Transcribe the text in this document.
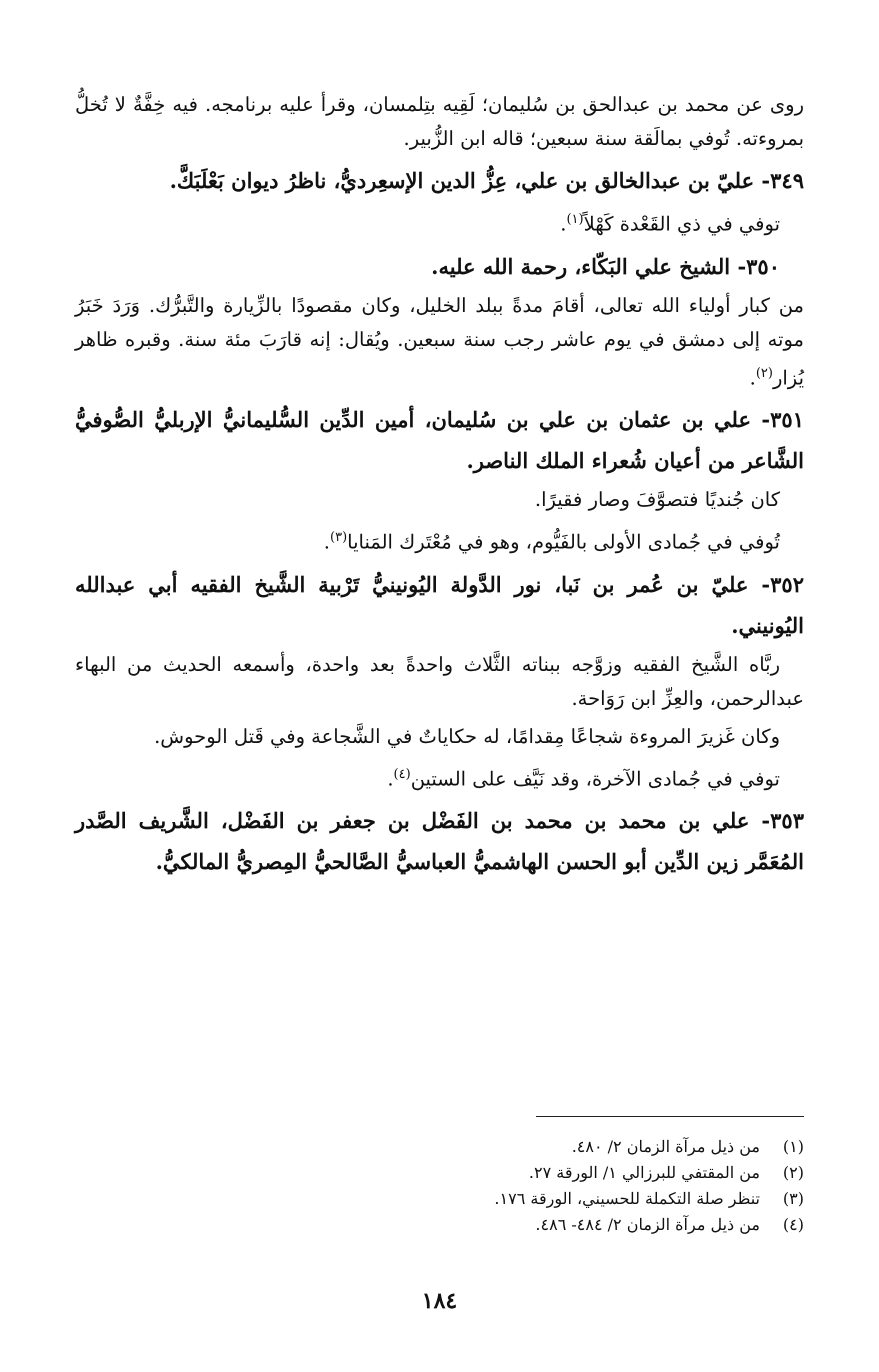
روى عن محمد بن عبدالحق بن سُليمان؛ لَقِيه بتِلمسان، وقرأ عليه برنامجه. فيه خِفَّةٌ لا تُخلُّ بمروءته. تُوفي بمالَقة سنة سبعين؛ قاله ابن الزُّبير.

٣٤٩- عليّ بن عبدالخالق بن علي، عِزُّ الدين الإسعِرديُّ، ناظرُ ديوان بَعْلَبَكَّ.

توفي في ذي القَعْدة كَهْلاً$^{(١)}$.

٣٥٠- الشيخ علي البَكّاء، رحمة الله عليه.

من كبار أولياء الله تعالى، أقامَ مدةً ببلد الخليل، وكان مقصودًا بالزِّيارة والتَّبرُّك. وَرَدَ خَبَرُ موته إلى دمشق في يوم عاشر رجب سنة سبعين. ويُقال: إنه قارَبَ مئة سنة. وقبره ظاهر يُزار$^{(٢)}$.

٣٥١- علي بن عثمان بن علي بن سُليمان، أمين الدِّين السُّليمانيُّ الإربليُّ الصُّوفيُّ الشَّاعر من أعيان شُعراء الملك الناصر.

كان جُنديًا فتصوَّفَ وصار فقيرًا.

تُوفي في جُمادى الأولى بالفَيُّوم، وهو في مُعْتَرك المَنايا$^{(٣)}$.

٣٥٢- عليّ بن عُمر بن نَبا، نور الدَّولة اليُونينيُّ تَرْبية الشَّيخ الفقيه أبي عبدالله اليُونيني.

ربَّاه الشَّيخ الفقيه وزوَّجه ببناته الثَّلاث واحدةً بعد واحدة، وأسمعه الحديث من البهاء عبدالرحمن، والعِزِّ ابن رَوَاحة.

وكان غَزيرَ المروءة شجاعًا مِقدامًا، له حكاياتٌ في الشَّجاعة وفي قَتل الوحوش.

توفي في جُمادى الآخرة، وقد نَيَّف على الستين$^{(٤)}$.

٣٥٣- علي بن محمد بن محمد بن الفَضْل بن جعفر بن الفَضْل، الشَّريف الصَّدر المُعَمَّر زين الدِّين أبو الحسن الهاشميُّ العباسيُّ الصَّالحيُّ المِصريُّ المالكيُّ.

(١)
من ذيل مرآة الزمان ٢/ ٤٨٠.
(٢)
من المقتفي للبرزالي ١/ الورقة ٢٧.
(٣)
تنظر صلة التكملة للحسيني، الورقة ١٧٦.
(٤)
من ذيل مرآة الزمان ٢/ ٤٨٤- ٤٨٦.
١٨٤
